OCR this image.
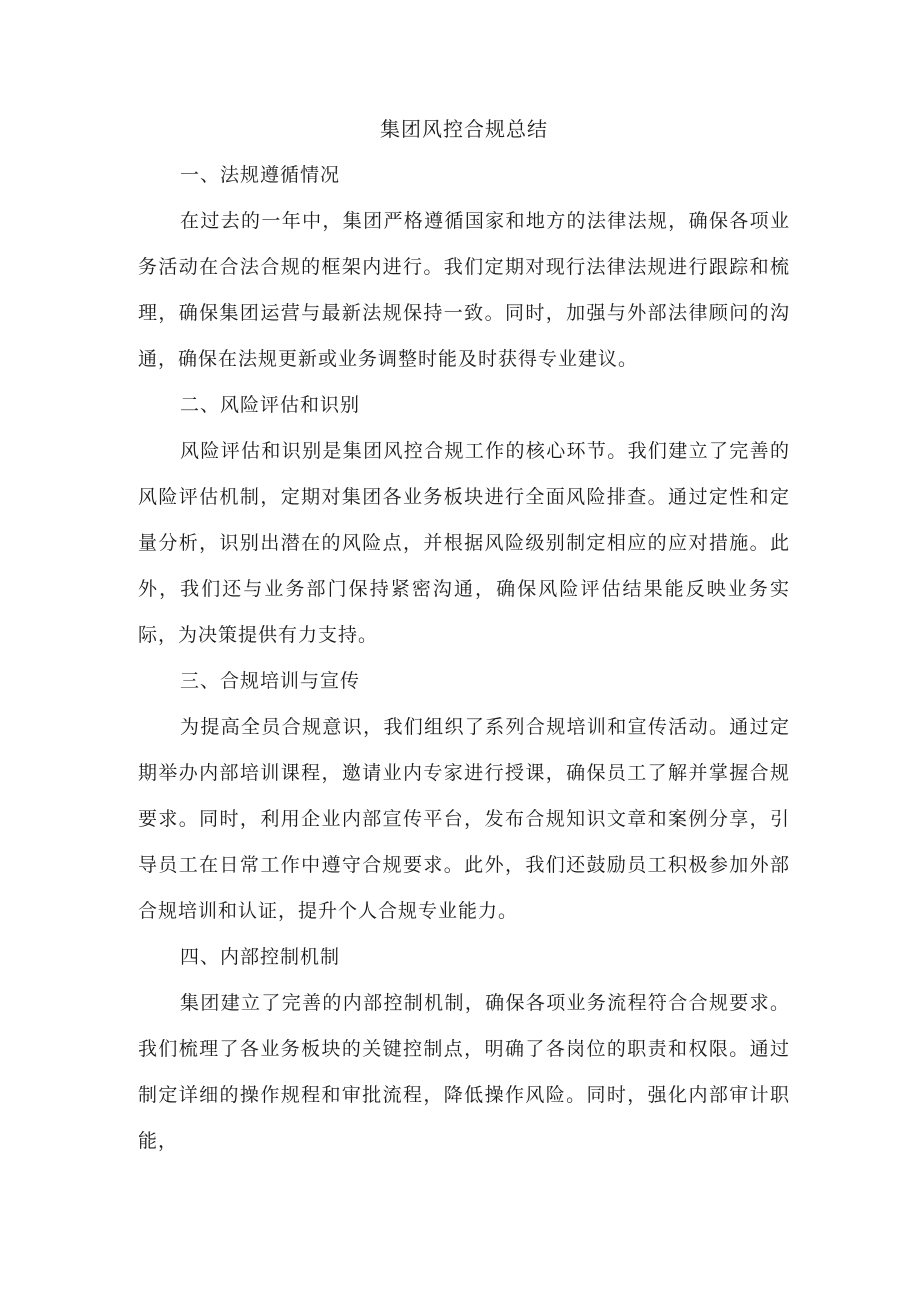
集团风控合规总结

一、法规遵循情况

在过去的一年中，集团严格遵循国家和地方的法律法规，确保各项业务活动在合法合规的框架内进行。我们定期对现行法律法规进行跟踪和梳理，确保集团运营与最新法规保持一致。同时，加强与外部法律顾问的沟通，确保在法规更新或业务调整时能及时获得专业建议。

二、风险评估和识别

风险评估和识别是集团风控合规工作的核心环节。我们建立了完善的风险评估机制，定期对集团各业务板块进行全面风险排查。通过定性和定量分析，识别出潜在的风险点，并根据风险级别制定相应的应对措施。此外，我们还与业务部门保持紧密沟通，确保风险评估结果能反映业务实际，为决策提供有力支持。

三、合规培训与宣传

为提高全员合规意识，我们组织了系列合规培训和宣传活动。通过定期举办内部培训课程，邀请业内专家进行授课，确保员工了解并掌握合规要求。同时，利用企业内部宣传平台，发布合规知识文章和案例分享，引导员工在日常工作中遵守合规要求。此外，我们还鼓励员工积极参加外部合规培训和认证，提升个人合规专业能力。

四、内部控制机制

集团建立了完善的内部控制机制，确保各项业务流程符合合规要求。我们梳理了各业务板块的关键控制点，明确了各岗位的职责和权限。通过制定详细的操作规程和审批流程，降低操作风险。同时，强化内部审计职能，
